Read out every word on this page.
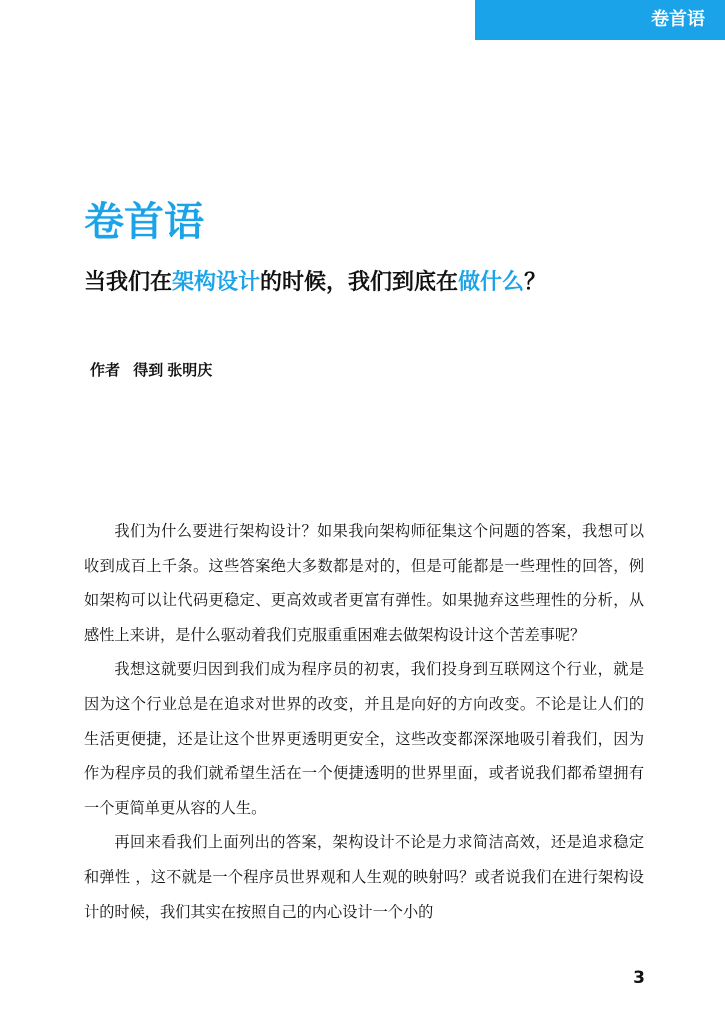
卷首语
卷首语
当我们在架构设计的时候，我们到底在做什么？
作者 得到 张明庆

我们为什么要进行架构设计？如果我向架构师征集这个问题的答案，我想可以收到成百上千条。这些答案绝大多数都是对的，但是可能都是一些理性的回答，例如架构可以让代码更稳定、更高效或者更富有弹性。如果抛弃这些理性的分析，从感性上来讲，是什么驱动着我们克服重重困难去做架构设计这个苦差事呢？

我想这就要归因到我们成为程序员的初衷，我们投身到互联网这个行业，就是因为这个行业总是在追求对世界的改变，并且是向好的方向改变。不论是让人们的生活更便捷，还是让这个世界更透明更安全，这些改变都深深地吸引着我们，因为作为程序员的我们就希望生活在一个便捷透明的世界里面，或者说我们都希望拥有一个更简单更从容的人生。

再回来看我们上面列出的答案，架构设计不论是力求简洁高效，还是追求稳定和弹性 ，这不就是一个程序员世界观和人生观的映射吗？或者说我们在进行架构设计的时候，我们其实在按照自己的内心设计一个小的

3
